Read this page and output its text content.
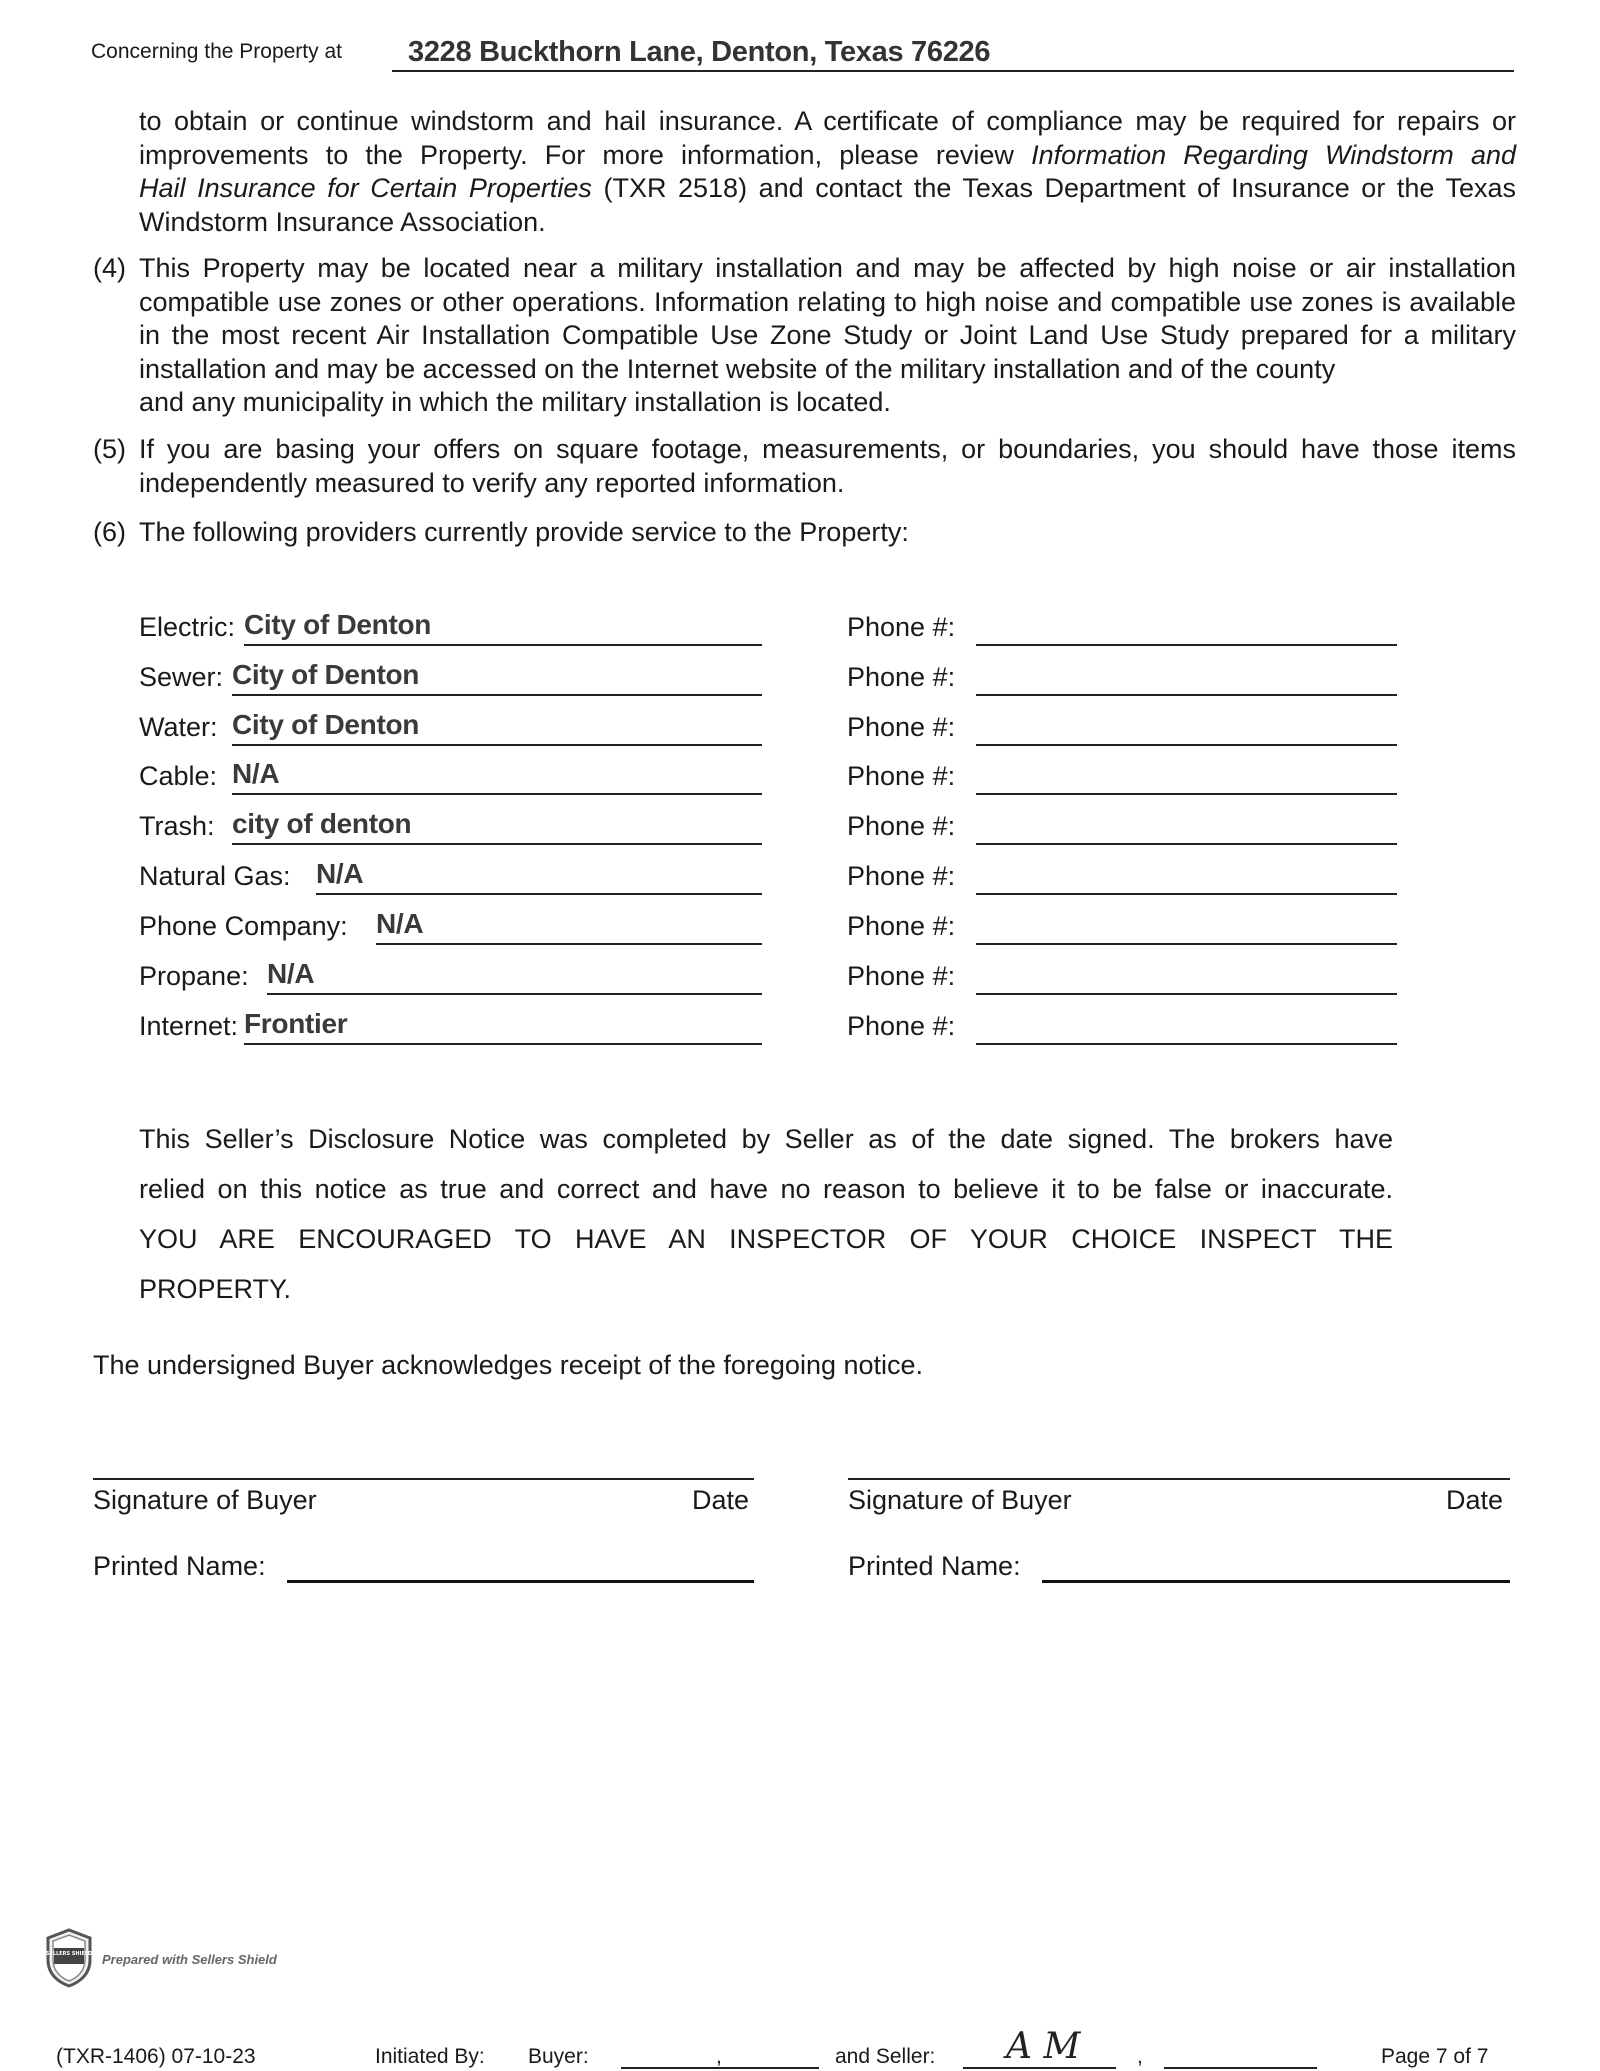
Concerning the Property at 3228 Buckthorn Lane, Denton, Texas 76226
to obtain or continue windstorm and hail insurance. A certificate of compliance may be required for repairs or
improvements to the Property. For more information, please review Information Regarding Windstorm and
Hail Insurance for Certain Properties (TXR 2518) and contact the Texas Department of Insurance or the Texas
Windstorm Insurance Association.
(4) This Property may be located near a military installation and may be affected by high noise or air installation compatible use zones or other operations. Information relating to high noise and compatible use zones is available in the most recent Air Installation Compatible Use Zone Study or Joint Land Use Study prepared for a military installation and may be accessed on the Internet website of the military installation and of the county
and any municipality in which the military installation is located.
(5) If you are basing your offers on square footage, measurements, or boundaries, you should have those items
independently measured to verify any reported information.
(6) The following providers currently provide service to the Property:
Electric: City of Denton	Phone #:
Sewer: City of Denton	Phone #:
Water: City of Denton	Phone #:
Cable: N/A	Phone #:
Trash: city of denton	Phone #:
Natural Gas: N/A	Phone #:
Phone Company: N/A	Phone #:
Propane: N/A	Phone #:
Internet: Frontier	Phone #:
This Seller’s Disclosure Notice was completed by Seller as of the date signed. The brokers have
relied on this notice as true and correct and have no reason to believe it to be false or inaccurate.
YOU ARE ENCOURAGED TO HAVE AN INSPECTOR OF YOUR CHOICE INSPECT THE
PROPERTY.
The undersigned Buyer acknowledges receipt of the foregoing notice.
Signature of Buyer	Date
Printed Name:
Signature of Buyer	Date
Printed Name:
SELLERS SHIELD Prepared with Sellers Shield
(TXR-1406) 07-10-23	Initiated By: Buyer:	,	and Seller: A M	,	Page 7 of 7
